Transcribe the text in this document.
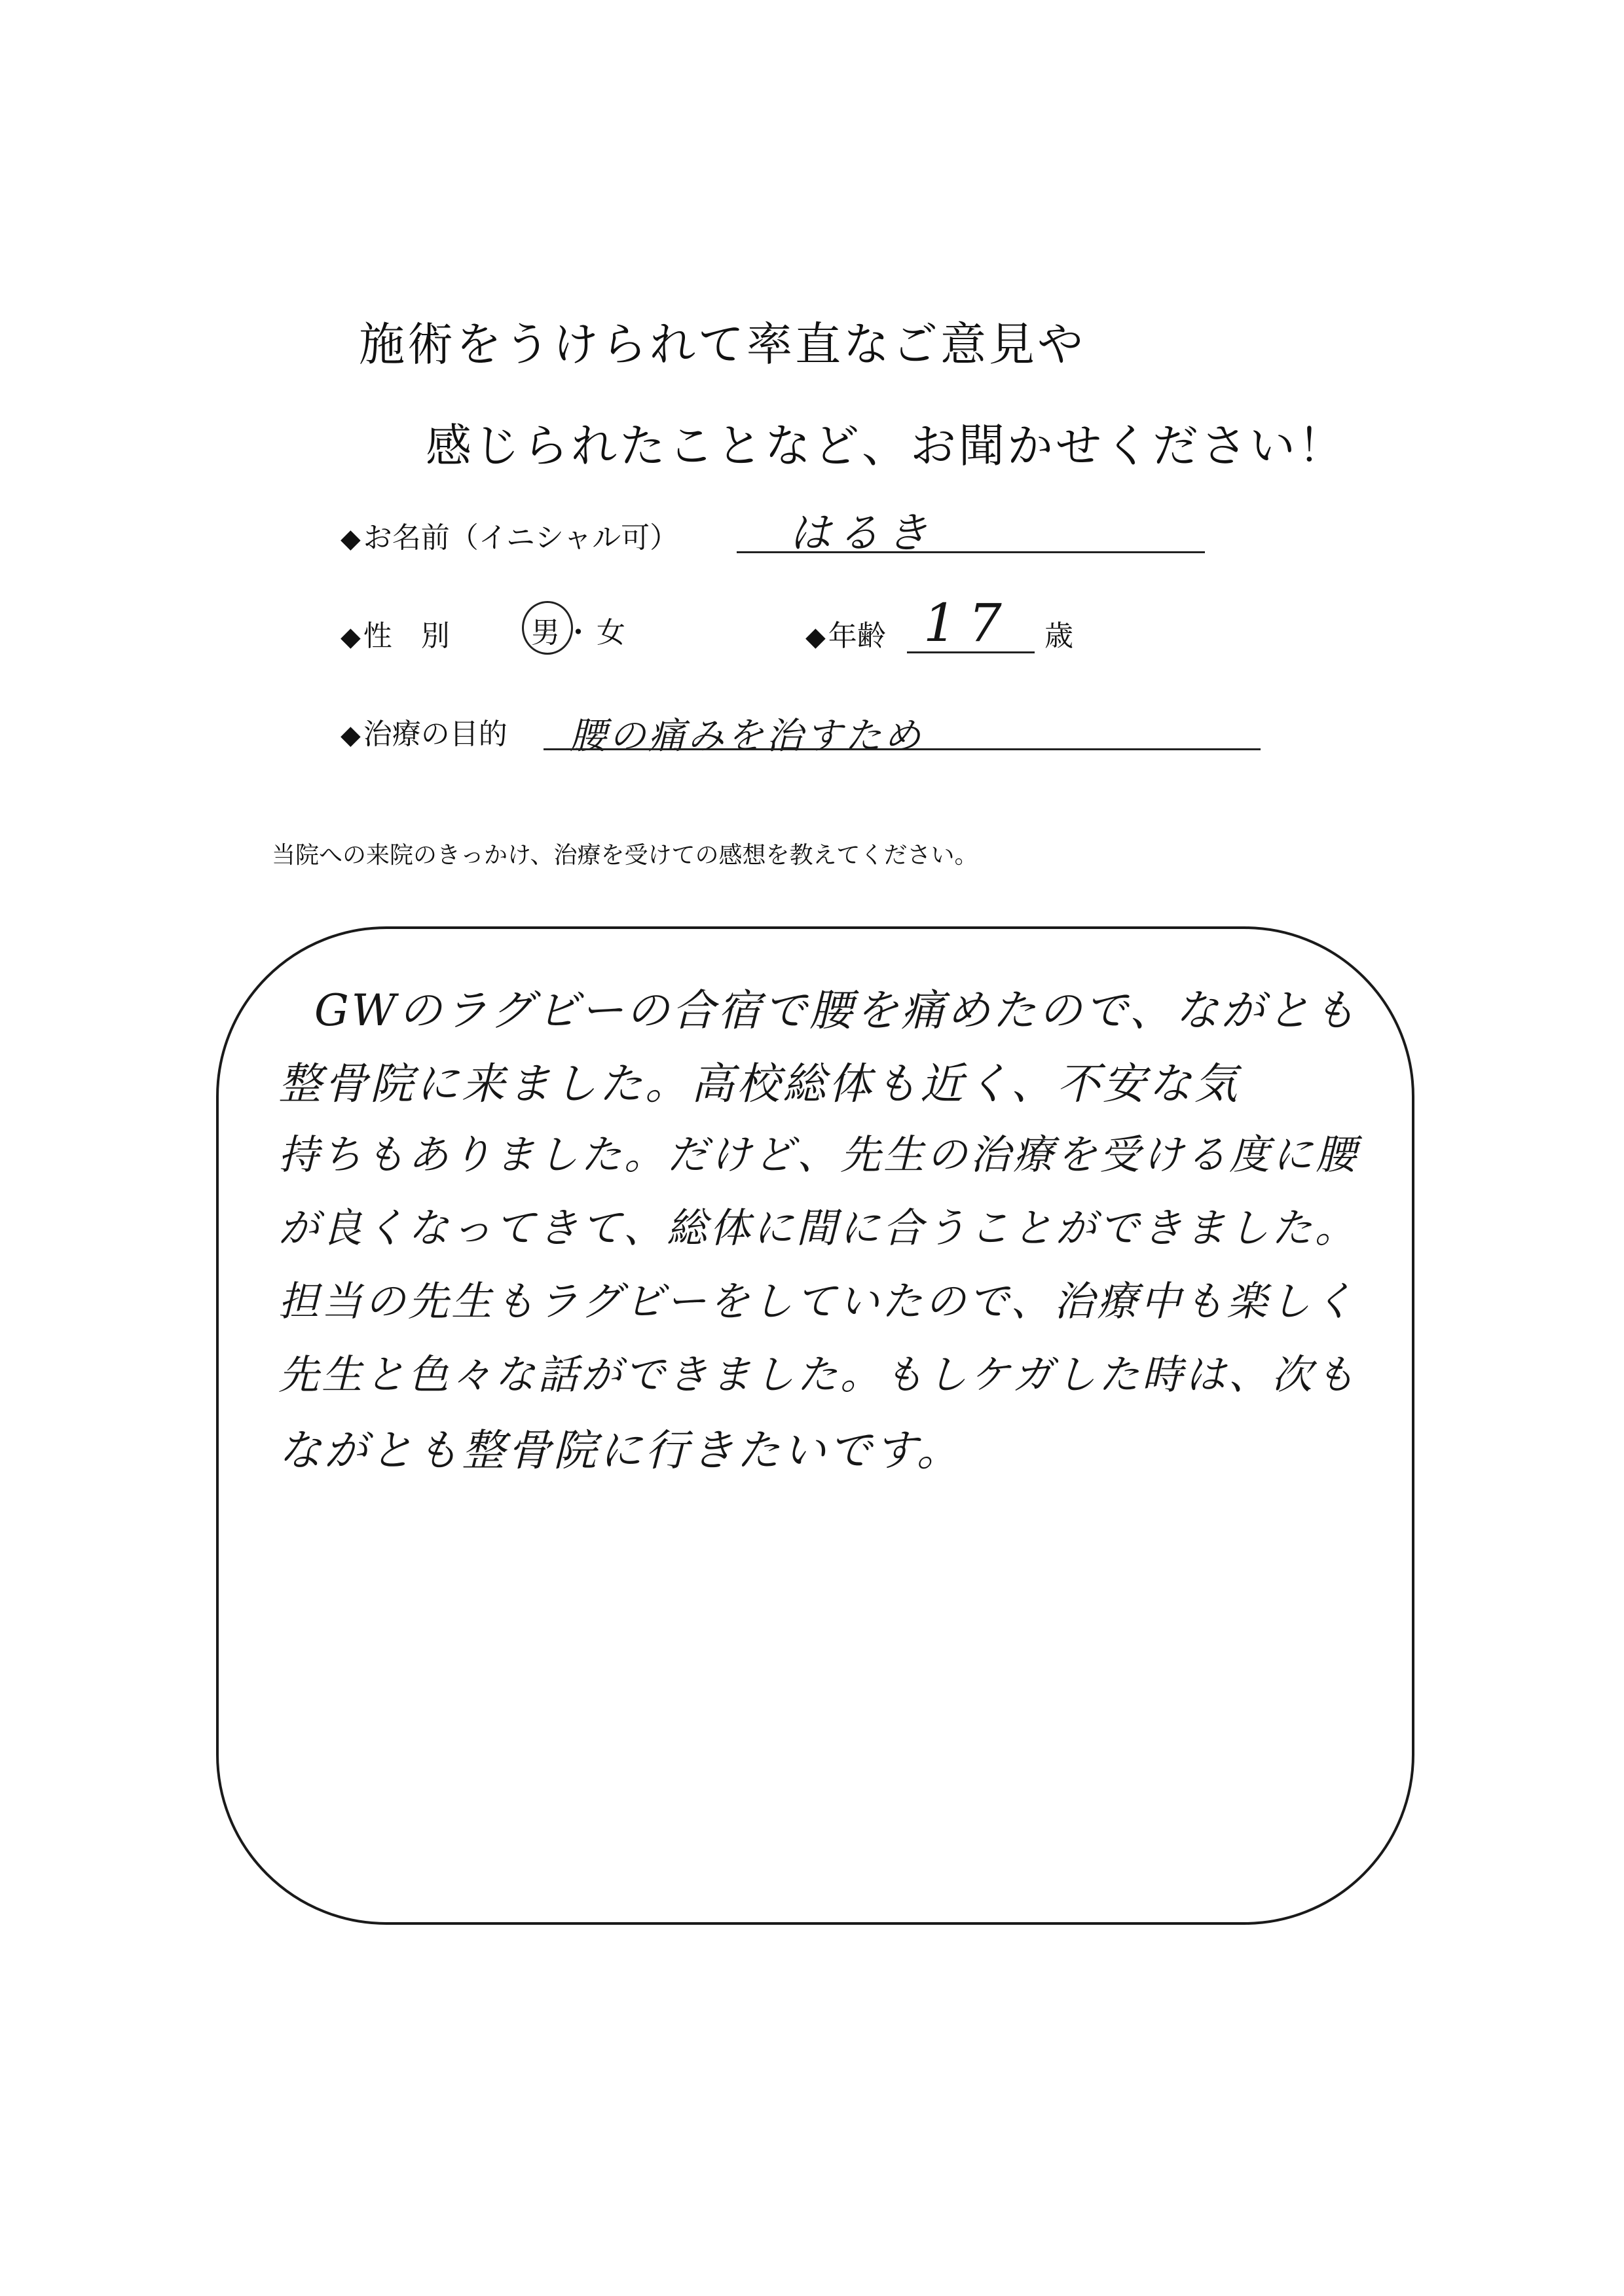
施術をうけられて率直なご意見や
感じられたことなど、お聞かせください！
◆お名前（イニシャル可）	はるき
◆性　別	男 ・ 女	◆年齢 17 歳
◆治療の目的 腰の痛みを治すため
当院への来院のきっかけ、治療を受けての感想を教えてください。
GWのラグビーの合宿で腰を痛めたので、ながとも
整骨院に来ました。高校総体も近く、不安な気
持ちもありました。だけど、先生の治療を受ける度に腰
が良くなってきて、総体に間に合うことができました。
担当の先生もラグビーをしていたので、治療中も楽しく
先生と色々な話ができました。もしケガした時は、次も
ながとも整骨院に行きたいです。
